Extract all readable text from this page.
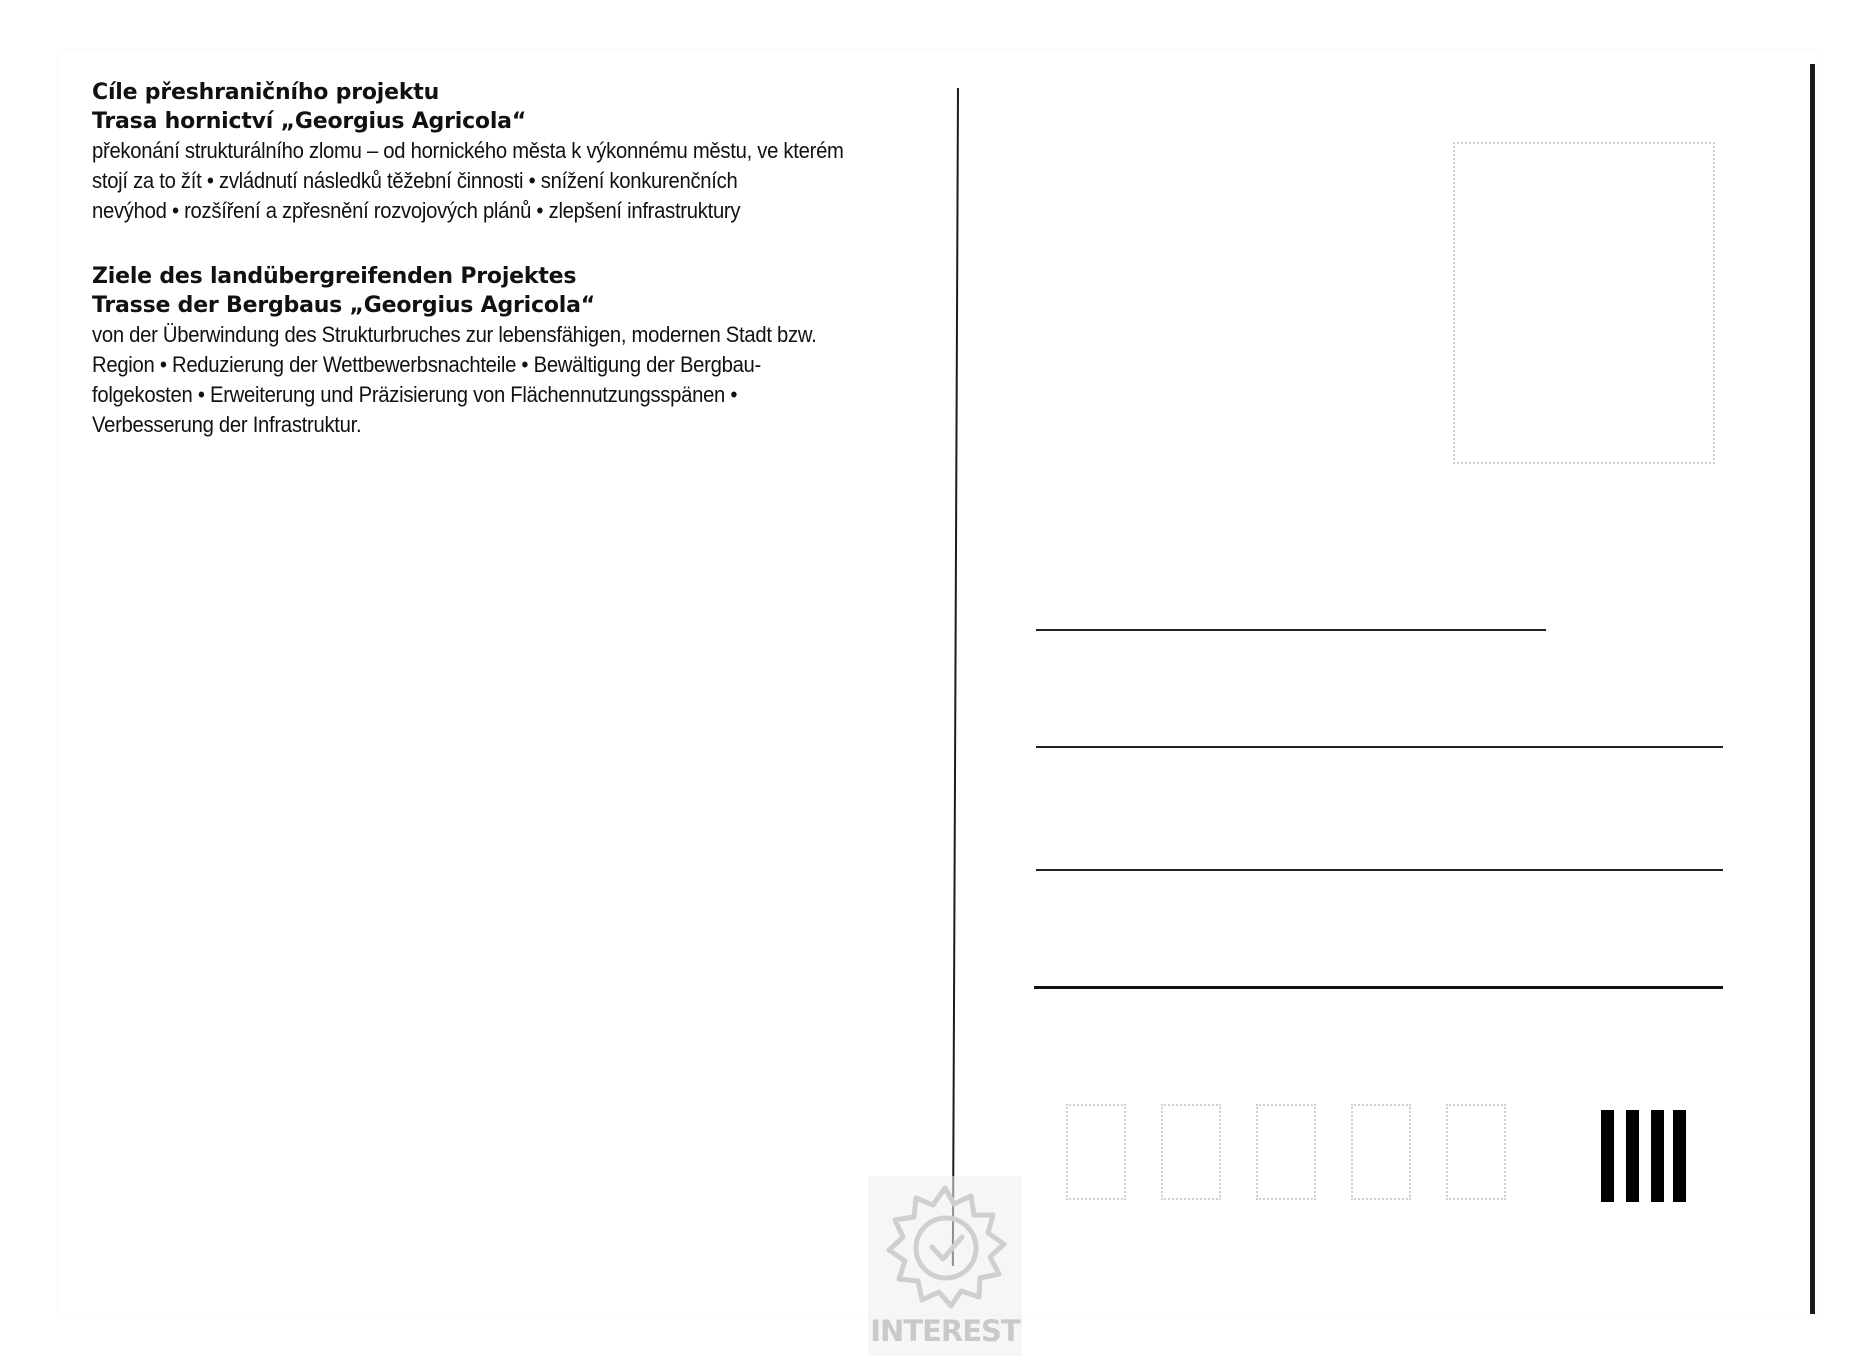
Cíle přeshraničního projektu

Trasa hornictví „Georgius Agricola“

překonání strukturálního zlomu – od hornického města k výkonnému městu, ve kterém

stojí za to žít • zvládnutí následků těžební činnosti • snížení konkurenčních

nevýhod • rozšíření a zpřesnění rozvojových plánů • zlepšení infrastruktury

Ziele des landübergreifenden Projektes

Trasse der Bergbaus „Georgius Agricola“

von der Überwindung des Strukturbruches zur lebensfähigen, modernen Stadt bzw.

Region • Reduzierung der Wettbewerbsnachteile • Bewältigung der Bergbau-

folgekosten • Erweiterung und Präzisierung von Flächennutzungsspänen •

Verbesserung der Infrastruktur.

INTEREST
